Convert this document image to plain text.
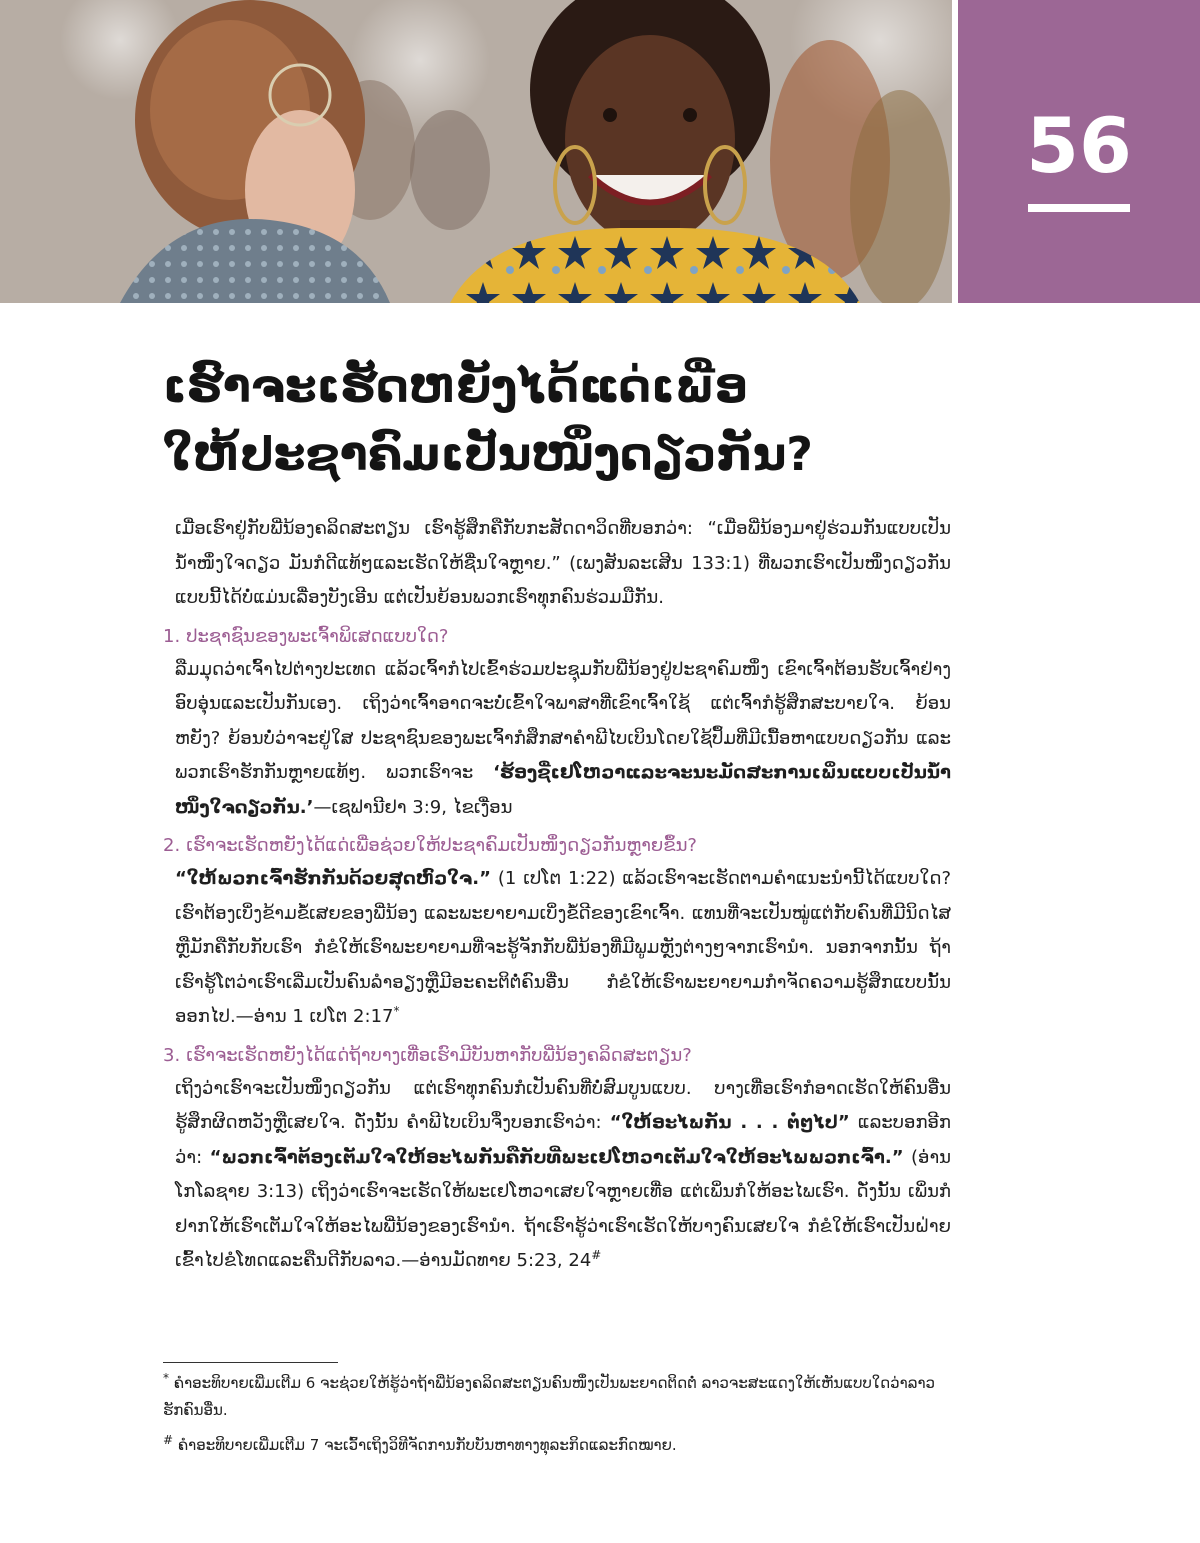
56
ເຮົາຈະເຮັດຫຍັງໄດ້ແດ່ເພື່ອ
ໃຫ້ປະຊາຄົມເປັນໜຶ່ງດຽວກັນ?

ເມື່ອເຮົາຢູ່ກັບພີ່ນ້ອງຄລິດສະຕຽນ ເຮົາຮູ້ສຶກຄືກັບກະສັດດາວິດທີ່ບອກວ່າ: “ເມື່ອພີ່ນ້ອງມາຢູ່ຮ່ວມກັນແບບເປັນນ້ຳໜຶ່ງໃຈດຽວ ມັນກໍດີແທ້ໆແລະເຮັດໃຫ້ຊື່ນໃຈຫຼາຍ.” (ເພງສັນລະເສີນ 133:1) ທີ່ພວກເຮົາເປັນໜຶ່ງດຽວກັນແບບນີ້ໄດ້ບໍ່ແມ່ນເລື່ອງບັງເອີນ ແຕ່ເປັນຍ້ອນພວກເຮົາທຸກຄົນຮ່ວມມືກັນ.

1. ປະຊາຊົນຂອງພະເຈົ້າພິເສດແບບໃດ?

ລືມມຸດວ່າເຈົ້າໄປຕ່າງປະເທດ ແລ້ວເຈົ້າກໍໄປເຂົ້າຮ່ວມປະຊຸມກັບພີ່ນ້ອງຢູ່ປະຊາຄົມໜຶ່ງ ເຂົາເຈົ້າຕ້ອນຮັບເຈົ້າຢ່າງອົບອຸ່ນແລະເປັນກັນເອງ. ເຖິງວ່າເຈົ້າອາດຈະບໍ່ເຂົ້າໃຈພາສາທີ່ເຂົາເຈົ້າໃຊ້ ແຕ່ເຈົ້າກໍຮູ້ສຶກສະບາຍໃຈ. ຍ້ອນຫຍັງ? ຍ້ອນບໍ່ວ່າຈະຢູ່ໃສ ປະຊາຊົນຂອງພະເຈົ້າກໍສຶກສາຄຳພີໄບເບິນໂດຍໃຊ້ປຶ້ມທີ່ມີເນື້ອຫາແບບດຽວກັນ ແລະພວກເຮົາຮັກກັນຫຼາຍແທ້ໆ. ພວກເຮົາຈະ ‘ຮ້ອງຊື່ເຢໂຫວາແລະຈະນະມັດສະການເພິ່ນແບບເປັນນ້ຳໜຶ່ງໃຈດຽວກັນ.’—ເຊຟານີຢາ 3:9, ໄຂເງື່ອນ

2. ເຮົາຈະເຮັດຫຍັງໄດ້ແດ່ເພື່ອຊ່ວຍໃຫ້ປະຊາຄົມເປັນໜຶ່ງດຽວກັນຫຼາຍຂຶ້ນ?

“ໃຫ້ພວກເຈົ້າຮັກກັນດ້ວຍສຸດຫົວໃຈ.” (1 ເປໂຕ 1:22) ແລ້ວເຮົາຈະເຮັດຕາມຄຳແນະນຳນີ້ໄດ້ແບບໃດ? ເຮົາຕ້ອງເບິ່ງຂ້າມຂໍ້ເສຍຂອງພີ່ນ້ອງ ແລະພະຍາຍາມເບິ່ງຂໍ້ດີຂອງເຂົາເຈົ້າ. ແທນທີ່ຈະເປັນໝູ່ແຕ່ກັບຄົນທີ່ມີນິດໄສຫຼືມັກຄືກັບກັບເຮົາ ກໍຂໍໃຫ້ເຮົາພະຍາຍາມທີ່ຈະຮູ້ຈັກກັບພີ່ນ້ອງທີ່ມີພູມຫຼັງຕ່າງໆຈາກເຮົານຳ. ນອກຈາກນັ້ນ ຖ້າເຮົາຮູ້ໂຕວ່າເຮົາເລີ່ມເປັນຄົນລຳອຽງຫຼືມີອະຄະຕິຕໍ່ຄົນອື່ນ ກໍຂໍໃຫ້ເຮົາພະຍາຍາມກຳຈັດຄວາມຮູ້ສຶກແບບນັ້ນອອກໄປ.—ອ່ານ 1 ເປໂຕ 2:17*

3. ເຮົາຈະເຮັດຫຍັງໄດ້ແດ່ຖ້າບາງເທື່ອເຮົາມີບັນຫາກັບພີ່ນ້ອງຄລິດສະຕຽນ?

ເຖິງວ່າເຮົາຈະເປັນໜຶ່ງດຽວກັນ ແຕ່ເຮົາທຸກຄົນກໍເປັນຄົນທີ່ບໍ່ສົມບູນແບບ. ບາງເທື່ອເຮົາກໍອາດເຮັດໃຫ້ຄົນອື່ນຮູ້ສຶກຜິດຫວັງຫຼືເສຍໃຈ. ດັ່ງນັ້ນ ຄຳພີໄບເບິນຈຶ່ງບອກເຮົາວ່າ: “ໃຫ້ອະໄພກັນ . . . ຕໍ່ໆໄປ” ແລະບອກອີກວ່າ: “ພວກເຈົ້າຕ້ອງເຕັມໃຈໃຫ້ອະໄພກັນຄືກັບທີ່ພະເຢໂຫວາເຕັມໃຈໃຫ້ອະໄພພວກເຈົ້າ.” (ອ່ານໂກໂລຊາຍ 3:13) ເຖິງວ່າເຮົາຈະເຮັດໃຫ້ພະເຢໂຫວາເສຍໃຈຫຼາຍເທື່ອ ແຕ່ເພິ່ນກໍໃຫ້ອະໄພເຮົາ. ດັ່ງນັ້ນ ເພິ່ນກໍຢາກໃຫ້ເຮົາເຕັມໃຈໃຫ້ອະໄພພີ່ນ້ອງຂອງເຮົານຳ. ຖ້າເຮົາຮູ້ວ່າເຮົາເຮັດໃຫ້ບາງຄົນເສຍໃຈ ກໍຂໍໃຫ້ເຮົາເປັນຝ່າຍເຂົ້າໄປຂໍໂທດແລະຄືນດີກັບລາວ.—ອ່ານມັດທາຍ 5:23, 24#

* ຄຳອະທິບາຍເພີ່ມເຕີມ 6 ຈະຊ່ວຍໃຫ້ຮູ້ວ່າຖ້າພີ່ນ້ອງຄລິດສະຕຽນຄົນໜຶ່ງເປັນພະຍາດຕິດຕໍ່ ລາວຈະສະແດງໃຫ້ເຫັນແບບໃດວ່າລາວຮັກຄົນອື່ນ.

# ຄຳອະທິບາຍເພີ່ມເຕີມ 7 ຈະເວົ້າເຖິງວິທີຈັດການກັບບັນຫາທາງທຸລະກິດແລະກົດໝາຍ.
